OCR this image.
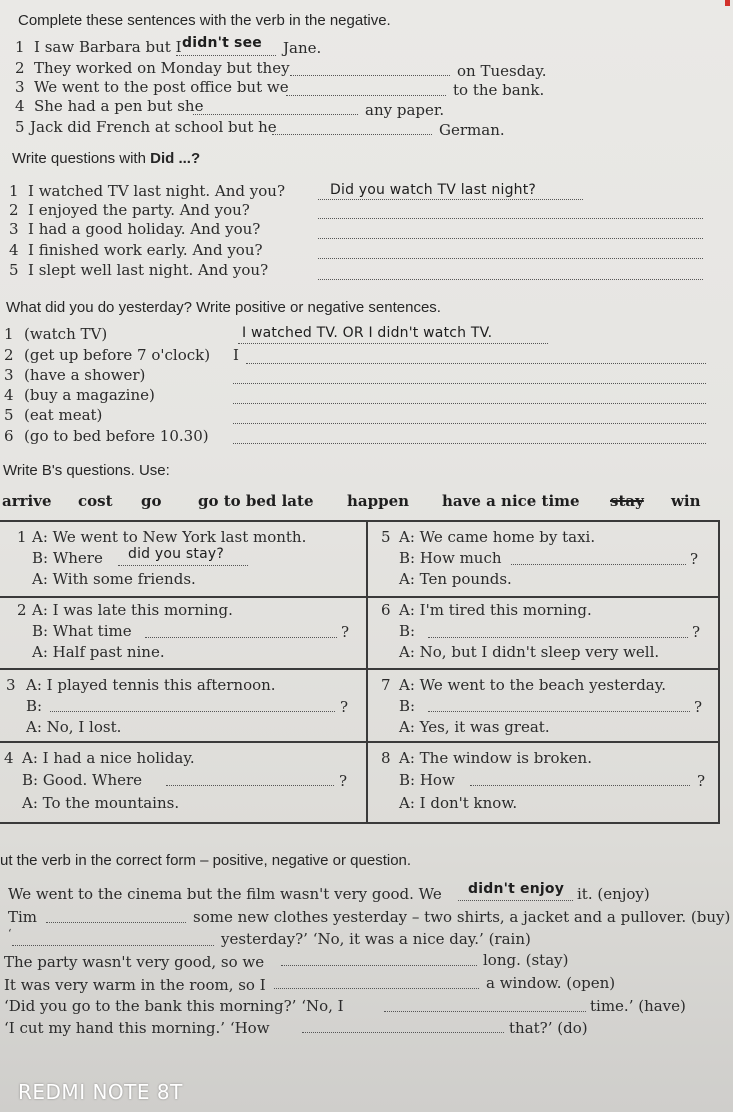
Complete these sentences with the verb in the negative.
1 I saw Barbara but I didn't see Jane.
2 They worked on Monday but they	on Tuesday.
3 We went to the post office but we	to the bank.
4 She had a pen but she	any paper.
5 Jack did French at school but he	German.
Write questions with Did ...?
1 I watched TV last night. And you?	Did you watch TV last night?
2 I enjoyed the party. And you?
3 I had a good holiday. And you?
4 I finished work early. And you?
5 I slept well last night. And you?
What did you do yesterday? Write positive or negative sentences.
1 (watch TV)	I watched TV. OR I didn't watch TV.
2 (get up before 7 o'clock) I
3 (have a shower)
4 (buy a magazine)
5 (eat meat)
6 (go to bed before 10.30)
Write B's questions. Use:
arrive cost go go to bed late happen have a nice time stay win
1 A: We went to New York last month.
B: Where did you stay?
A: With some friends.
5 A: We came home by taxi.
B: How much	?
A: Ten pounds.
2 A: I was late this morning.
B: What time	?
A: Half past nine.
6 A: I'm tired this morning.
B:	?
A: No, but I didn't sleep very well.
3 A: I played tennis this afternoon.
B:	?
A: No, I lost.
7 A: We went to the beach yesterday.
B:	?
A: Yes, it was great.
4 A: I had a nice holiday.
B: Good. Where	?
A: To the mountains.
8 A: The window is broken.
B: How	?
A: I don't know.
ut the verb in the correct form – positive, negative or question.
We went to the cinema but the film wasn't very good. We didn't enjoy it. (enjoy)
Tim	some new clothes yesterday – two shirts, a jacket and a pullover. (buy)
‘	yesterday?’ ‘No, it was a nice day.’ (rain)
The party wasn't very good, so we	long. (stay)
It was very warm in the room, so I	a window. (open)
‘Did you go to the bank this morning?’ ‘No, I	time.’ (have)
‘I cut my hand this morning.’ ‘How	that?’ (do)
REDMI NOTE 8T
